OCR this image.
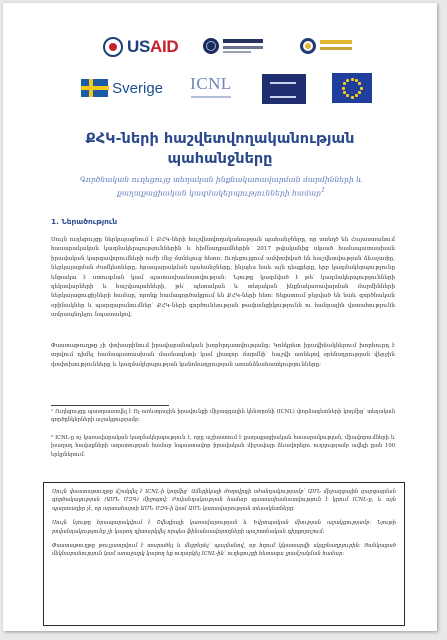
USAID
Sverige ICNL
ՔՀԿ-ների հաշվետվողականության
պահանջները
Գործնական ուղեցույց տեղական ինքնակառավարման մարմինների և քաղաքացիական կազմակերպությունների համար$^1$
1. Ներածություն

Սույն ուղեցույցը ներկայացնում է ՔՀԿ-ների հաշվետվողականության պահանջները, որ ստեղծ են Հայաստանում հասարակական կազմակերպություններին և հիմնադրամներին՝ 2017 թվականից սկսած համապատասխան իրավական կարգավորումների ուժի մեջ մտնելուց հետո: Ուղեցույցում ամփոփված են հաշվետվության ձևաչափը, ներկայացման ժամկետները, հրապարակման պահանջները, ինչպես նաև այն դեպքերը, երբ կազմակերպությունը ենթակա է ստուգման կամ պատասխանատվության: Նյութը կազմված է թե՛ կազմակերպությունների ղեկավարների և հաշվապահների, թե՛ պետական և տեղական ինքնակառավարման մարմինների ներկայացուցիչների համար, որոնք համագործակցում են ՔՀԿ-ների հետ: Տեքստում բերված են նաև գործնական օրինակներ և պարզաբանումներ՝ ՔՀԿ-ների գործունեության թափանցիկությունն ու հանրային վստահությունն ամրապնդելու նպատակով:

Փաստաթուղթը չի փոխարինում իրավաբանական խորհրդատվությանը: Կոնկրետ իրավիճակներում խորհուրդ է տրվում դիմել համապատասխան մասնագետի կամ լիազոր մարմնի՝ հաշվի առնելով օրենսդրության վերջին փոփոխությունները և կազմակերպության կանոնադրության առանձնահատկությունները:

¹ Ուղեցույցը պատրաստվել է Ոչ առևտրային իրավունքի միջազգային կենտրոնի (ICNL) փորձագետների կողմից՝ տեղական գործընկերների աջակցությամբ:

² ICNL-ը ոչ կառավարական կազմակերպություն է, որը աշխատում է քաղաքացիական հասարակության, միավորումների և խաղաղ հավաքների ազատության համար նպաստավոր իրավական միջավայր ձևավորելու ուղղությամբ ավելի քան 100 երկրներում:

Սույն փաստաթուղթը մշակվել է ICNL-ի կողմից՝ Ամերիկայի ժողովրդի օժանդակությամբ՝ ԱՄՆ միջազգային զարգացման գործակալության (ԱՄՆ ՄԶԳ) միջոցով: Բովանդակության համար պատասխանատվություն է կրում ICNL-ը, և այն պարտադիր չէ, որ արտահայտի ԱՄՆ ՄԶԳ-ի կամ ԱՄՆ կառավարության տեսակետները:

Սույն նյութը հրապարակվում է Շվեդիայի կառավարության և Եվրոպական միության աջակցությամբ: Նյութի բովանդակությունը չի կարող դիտարկվել որպես ֆինանսավորողների պաշտոնական դիրքորոշում:

Փաստաթուղթը թույլատրվում է տարածել և մեջբերել՝ պայմանով, որ հղում կկատարվի սկզբնաղբյուրին: Ցանկացած մեկնաբանություն կամ առաջարկ կարող եք ուղարկել ICNL-ին՝ ուղեցույցի հետագա լրամշակման համար:
